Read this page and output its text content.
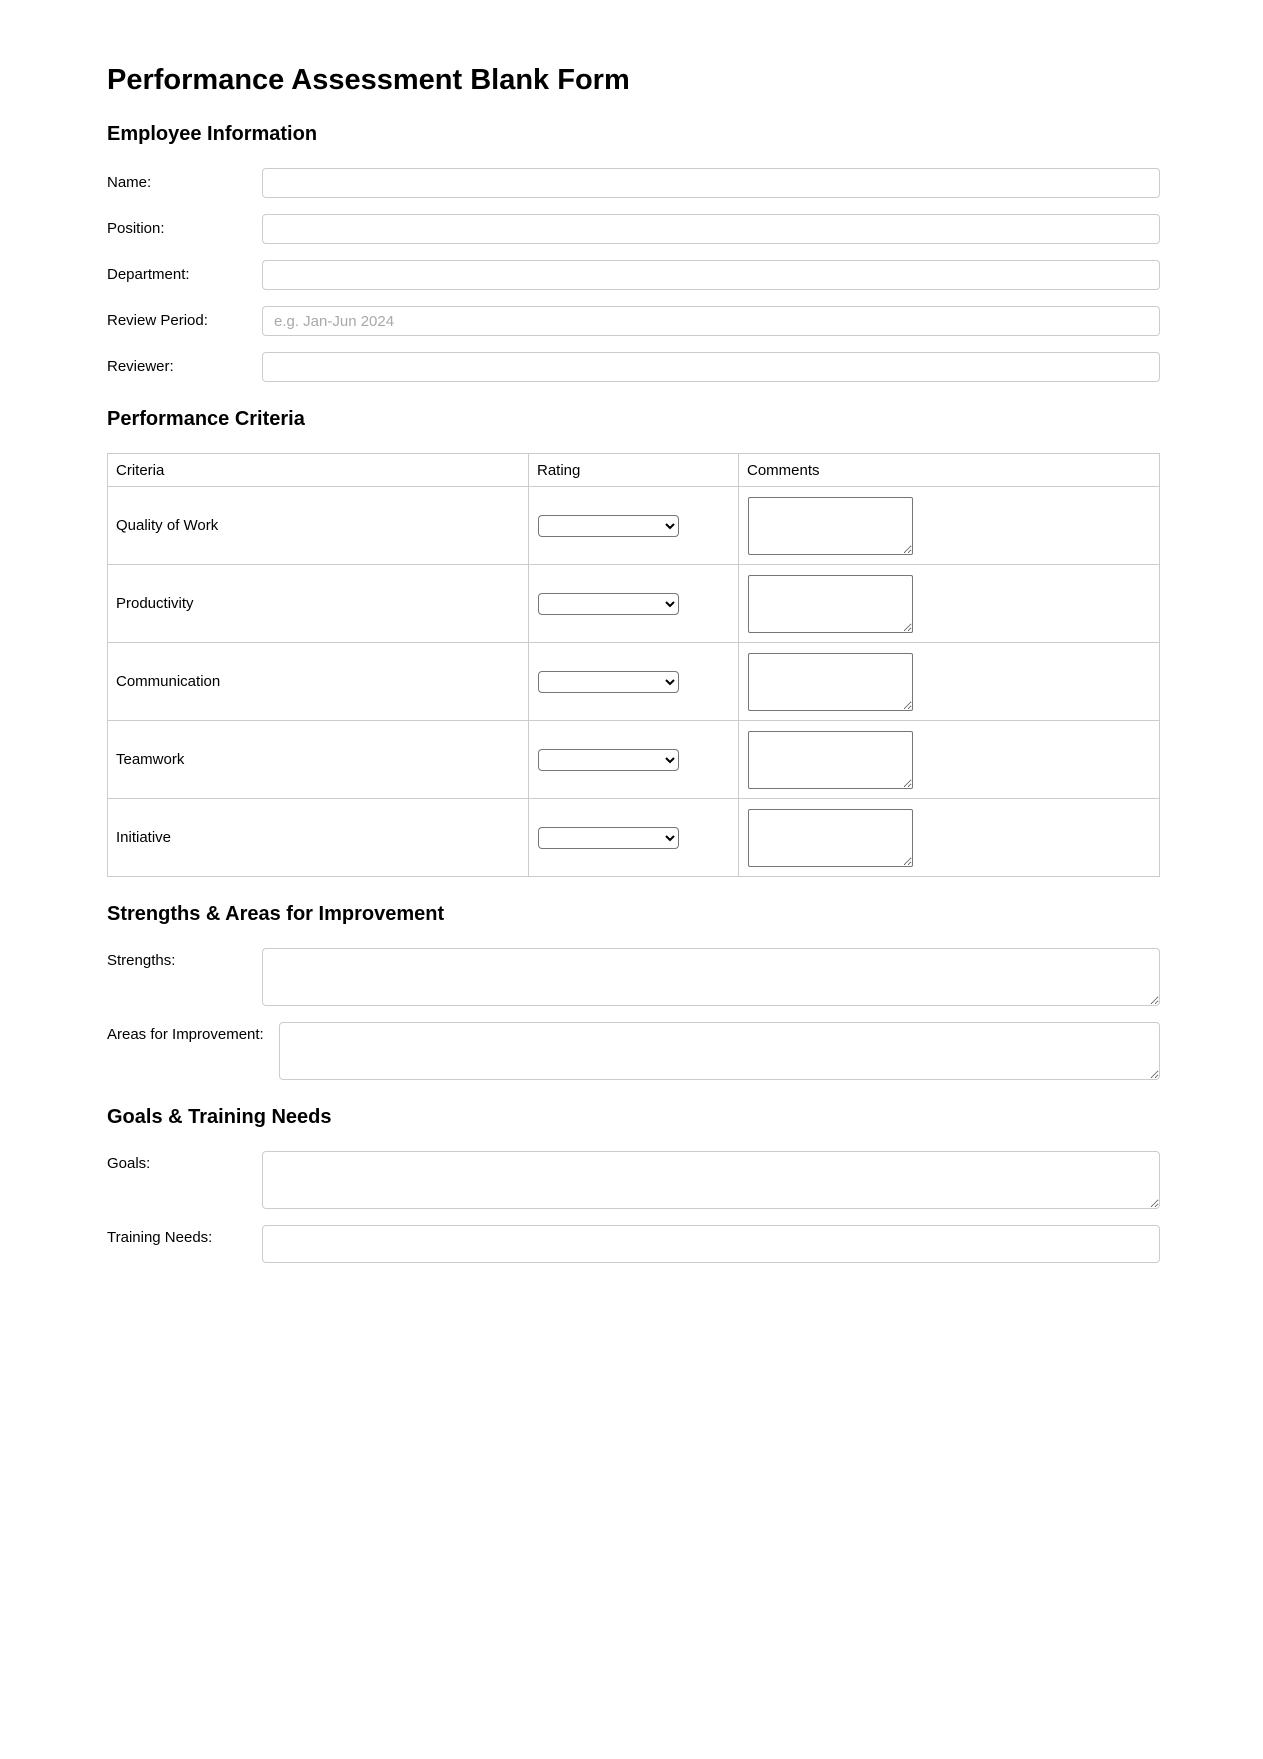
Performance Assessment Blank Form
Employee Information
Name:
Position:
Department:
Review Period:
e.g. Jan-Jun 2024
Reviewer:
Performance Criteria
Criteria	Rating	Comments
Quality of Work	

Productivity	

Communication	

Teamwork	

Initiative	

Strengths & Areas for Improvement
Strengths:
Areas for Improvement:
Goals & Training Needs
Goals:
Training Needs:
